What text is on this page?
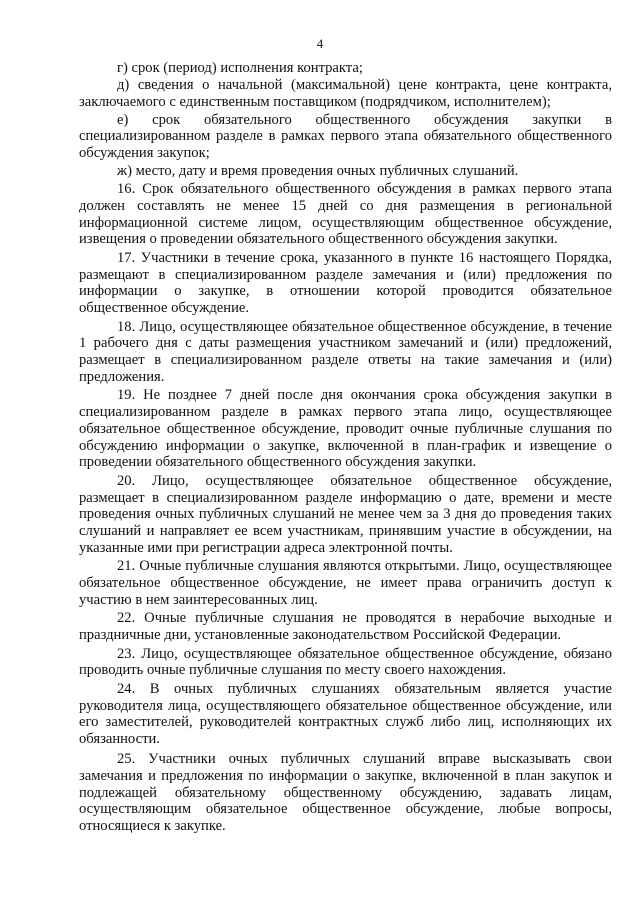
4

г) срок (период) исполнения контракта;

д) сведения о начальной (максимальной) цене контракта, цене контракта, заключаемого с единственным поставщиком (подрядчиком, исполнителем);

е) срок обязательного общественного обсуждения закупки в специализированном разделе в рамках первого этапа обязательного общественного обсуждения закупок;

ж) место, дату и время проведения очных публичных слушаний.

16. Срок обязательного общественного обсуждения в рамках первого этапа должен составлять не менее 15 дней со дня размещения в региональной информационной системе лицом, осуществляющим общественное обсуждение, извещения о проведении обязательного общественного обсуждения закупки.

17. Участники в течение срока, указанного в пункте 16 настоящего Порядка, размещают в специализированном разделе замечания и (или) предложения по информации о закупке, в отношении которой проводится обязательное общественное обсуждение.

18. Лицо, осуществляющее обязательное общественное обсуждение, в течение 1 рабочего дня с даты размещения участником замечаний и (или) предложений, размещает в специализированном разделе ответы на такие замечания и (или) предложения.

19. Не позднее 7 дней после дня окончания срока обсуждения закупки в специализированном разделе в рамках первого этапа лицо, осуществляющее обязательное общественное обсуждение, проводит очные публичные слушания по обсуждению информации о закупке, включенной в план-график и извещение о проведении обязательного общественного обсуждения закупки.

20. Лицо, осуществляющее обязательное общественное обсуждение, размещает в специализированном разделе информацию о дате, времени и месте проведения очных публичных слушаний не менее чем за 3 дня до проведения таких слушаний и направляет ее всем участникам, принявшим участие в обсуждении, на указанные ими при регистрации адреса электронной почты.

21. Очные публичные слушания являются открытыми. Лицо, осуществляющее обязательное общественное обсуждение, не имеет права ограничить доступ к участию в нем заинтересованных лиц.

22. Очные публичные слушания не проводятся в нерабочие выходные и праздничные дни, установленные законодательством Российской Федерации.

23. Лицо, осуществляющее обязательное общественное обсуждение, обязано проводить очные публичные слушания по месту своего нахождения.

24. В очных публичных слушаниях обязательным является участие руководителя лица, осуществляющего обязательное общественное обсуждение, или его заместителей, руководителей контрактных служб либо лиц, исполняющих их обязанности.

25. Участники очных публичных слушаний вправе высказывать свои замечания и предложения по информации о закупке, включенной в план закупок и подлежащей обязательному общественному обсуждению, задавать лицам, осуществляющим обязательное общественное обсуждение, любые вопросы, относящиеся к закупке.
